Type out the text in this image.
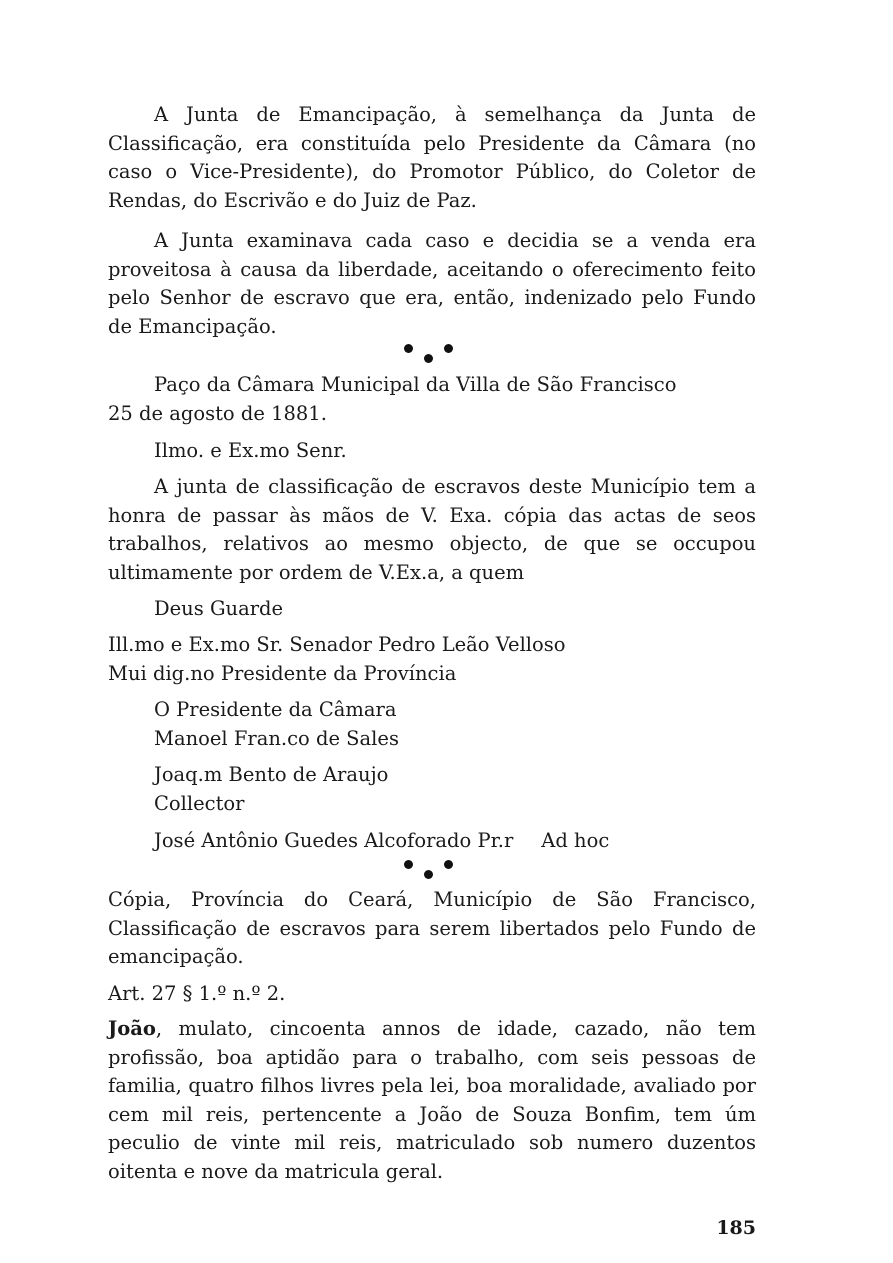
A Junta de Emancipação, à semelhança da Junta de Classificação, era constituída pelo Presidente da Câmara (no caso o Vice-Presidente), do Promotor Público, do Coletor de Rendas, do Escrivão e do Juiz de Paz.

A Junta examinava cada caso e decidia se a venda era proveitosa à causa da liberdade, aceitando o oferecimento feito pelo Senhor de escravo que era, então, indenizado pelo Fundo de Emancipação.

Paço da Câmara Municipal da Villa de São Francisco
25 de agosto de 1881.

Ilmo. e Ex.mo Senr.

A junta de classificação de escravos deste Município tem a honra de passar às mãos de V. Exa. cópia das actas de seos trabalhos, relativos ao mesmo objecto, de que se occupou ultimamente por ordem de V.Ex.a, a quem

Deus Guarde

Ill.mo e Ex.mo Sr. Senador Pedro Leão Velloso
Mui dig.no Presidente da Província
O Presidente da Câmara
Manoel Fran.co de Sales
Joaq.m Bento de Araujo
Collector
José Antônio Guedes Alcoforado Pr.r Ad hoc

Cópia, Província do Ceará, Município de São Francisco, Classificação de escravos para serem libertados pelo Fundo de emancipação.

Art. 27 § 1.º n.º 2.

João, mulato, cincoenta annos de idade, cazado, não tem profissão, boa aptidão para o trabalho, com seis pessoas de familia, quatro filhos livres pela lei, boa moralidade, avaliado por cem mil reis, pertencente a João de Souza Bonfim, tem úm peculio de vinte mil reis, matriculado sob numero duzentos oitenta e nove da matricula geral.

185
